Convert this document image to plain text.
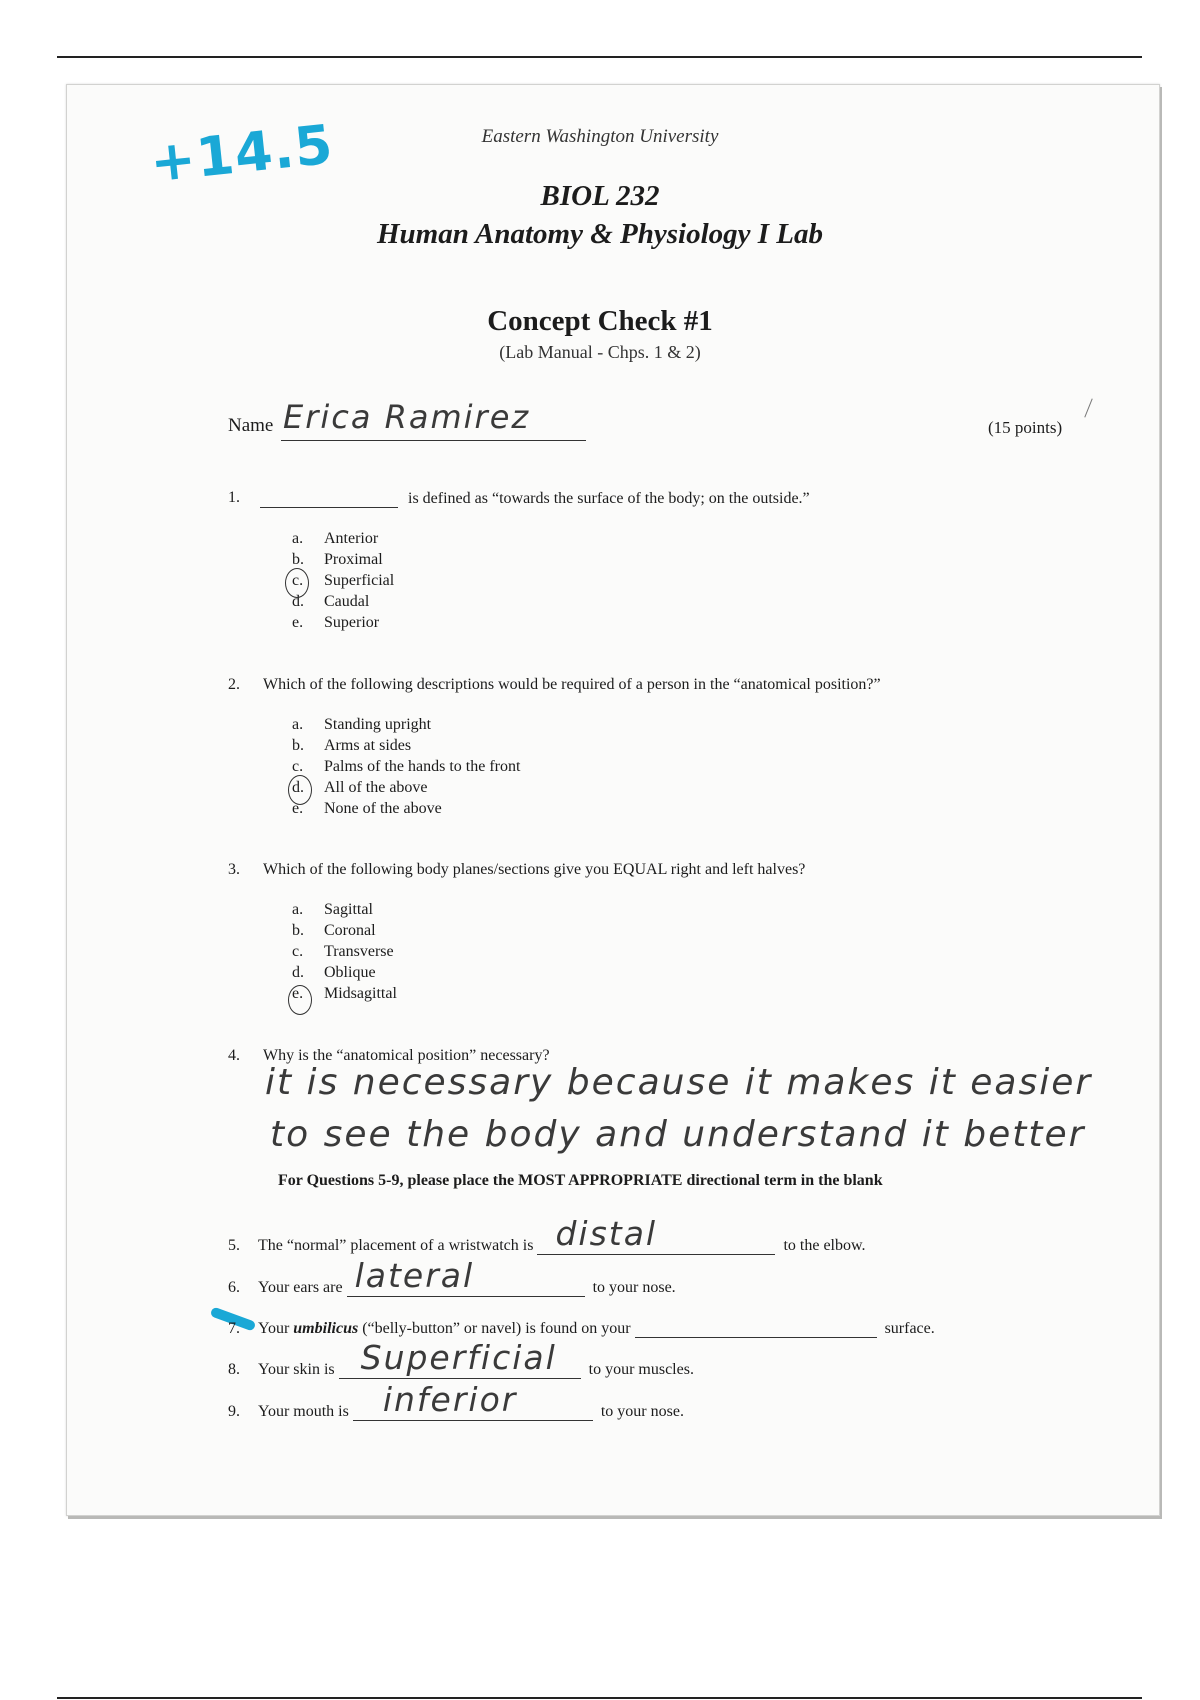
+14.5	Eastern Washington University
BIOL 232
Human Anatomy & Physiology I Lab
Concept Check #1
(Lab Manual - Chps. 1 & 2)
Name Erica Ramirez	(15 points)
1.	is defined as “towards the surface of the body; on the outside.”
a.	Anterior
b.	Proximal
c.	Superficial
d.	Caudal
e.	Superior
2. Which of the following descriptions would be required of a person in the “anatomical position?”
a.	Standing upright
b.	Arms at sides
c.	Palms of the hands to the front
d.	All of the above
e.	None of the above
3. Which of the following body planes/sections give you EQUAL right and left halves?
a.	Sagittal
b.	Coronal
c.	Transverse
d.	Oblique
e.	Midsagittal
4. Why is the “anatomical position” necessary?
it is necessary because it makes it easier
to see the body and understand it better
For Questions 5-9, please place the MOST APPROPRIATE directional term in the blank
5. The “normal” placement of a wristwatch is distal	to the elbow.
6. Your ears are lateral	to your nose.
7. Your umbilicus (“belly-button” or navel) is found on your	surface.
8. Your skin is Superficial to your muscles.
9. Your mouth is inferior	to your nose.
